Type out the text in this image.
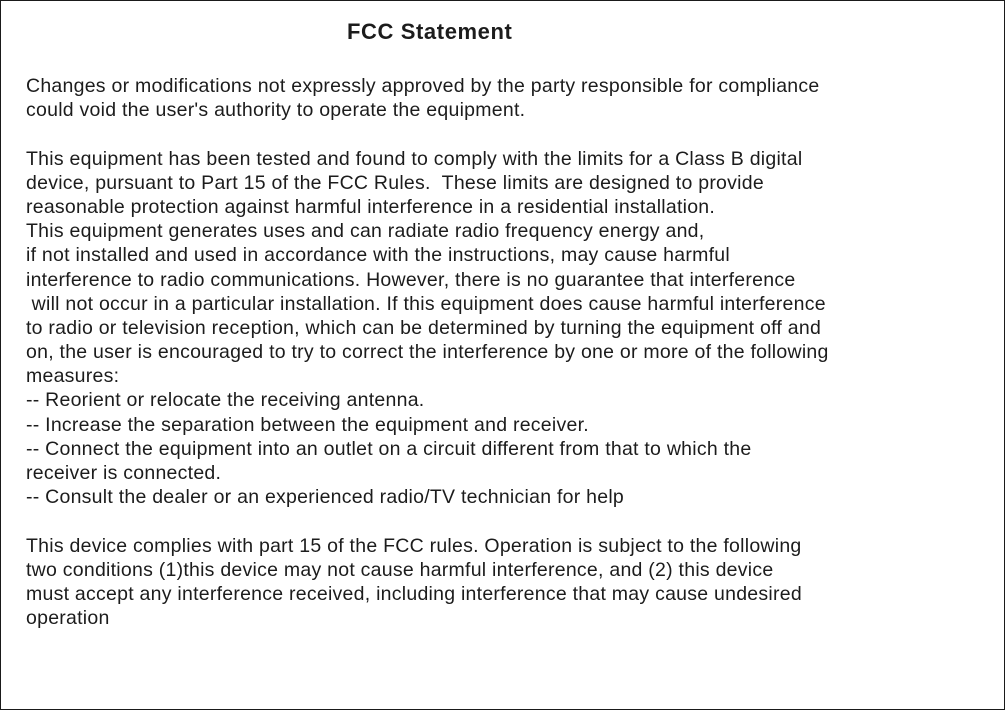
FCC Statement
Changes or modifications not expressly approved by the party responsible for compliance
could void the user's authority to operate the equipment.
This equipment has been tested and found to comply with the limits for a Class B digital
device, pursuant to Part 15 of the FCC Rules.  These limits are designed to provide
reasonable protection against harmful interference in a residential installation.
This equipment generates uses and can radiate radio frequency energy and,
if not installed and used in accordance with the instructions, may cause harmful
interference to radio communications. However, there is no guarantee that interference
will not occur in a particular installation. If this equipment does cause harmful interference
to radio or television reception, which can be determined by turning the equipment off and
on, the user is encouraged to try to correct the interference by one or more of the following
measures:
-- Reorient or relocate the receiving antenna.
-- Increase the separation between the equipment and receiver.
-- Connect the equipment into an outlet on a circuit different from that to which the
receiver is connected.
-- Consult the dealer or an experienced radio/TV technician for help
This device complies with part 15 of the FCC rules. Operation is subject to the following
two conditions (1)this device may not cause harmful interference, and (2) this device
must accept any interference received, including interference that may cause undesired
operation
